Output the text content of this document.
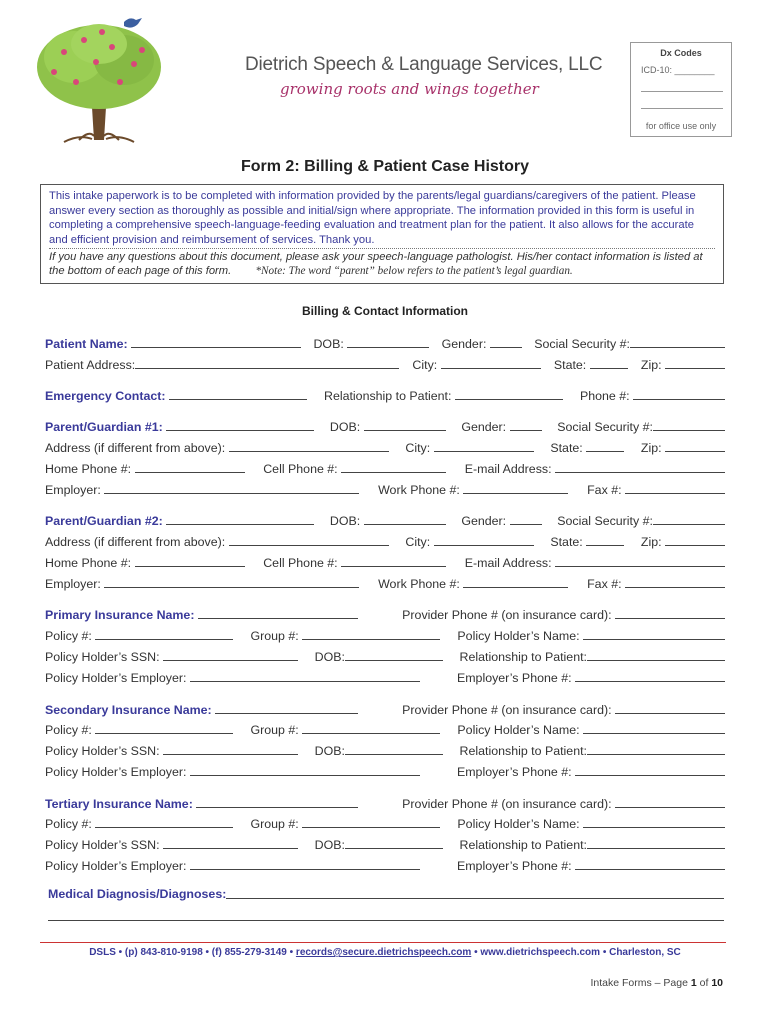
Dietrich Speech & Language Services, LLC
growing roots and wings together
Dx Codes
ICD-10: ________
for office use only
Form 2: Billing & Patient Case History
This intake paperwork is to be completed with information provided by the parents/legal guardians/caregivers of the patient. Please answer every section as thoroughly as possible and initial/sign where appropriate. The information provided in this form is useful in completing a comprehensive speech-language-feeding evaluation and treatment plan for the patient. It also allows for the accurate and efficient provision and reimbursement of services. Thank you.
If you have any questions about this document, please ask your speech-language pathologist. His/her contact information is listed at the bottom of each page of this form. *Note: The word “parent” below refers to the patient’s legal guardian.
Billing & Contact Information
Patient Name:	DOB:	Gender:	Social Security #:
Patient Address:	City:	State:	Zip:
Emergency Contact:	Relationship to Patient:	Phone #:
Parent/Guardian #1:	DOB:	Gender:	Social Security #:
Address (if different from above):	City:	State:	Zip:
Home Phone #:	Cell Phone #:	E-mail Address:
Employer:	Work Phone #:	Fax #:
Parent/Guardian #2:	DOB:	Gender:	Social Security #:
Address (if different from above):	City:	State:	Zip:
Home Phone #:	Cell Phone #:	E-mail Address:
Employer:	Work Phone #:	Fax #:
Primary Insurance Name:	Provider Phone # (on insurance card):
Policy #:	Group #:	Policy Holder’s Name:
Policy Holder’s SSN:	DOB:	Relationship to Patient:
Policy Holder’s Employer:	Employer’s Phone #:
Secondary Insurance Name:	Provider Phone # (on insurance card):
Policy #:	Group #:	Policy Holder’s Name:
Policy Holder’s SSN:	DOB:	Relationship to Patient:
Policy Holder’s Employer:	Employer’s Phone #:
Tertiary Insurance Name:	Provider Phone # (on insurance card):
Policy #:	Group #:	Policy Holder’s Name:
Policy Holder’s SSN:	DOB:	Relationship to Patient:
Policy Holder’s Employer:	Employer’s Phone #:
Medical Diagnosis/Diagnoses:
DSLS • (p) 843-810-9198 • (f) 855-279-3149 • records@secure.dietrichspeech.com • www.dietrichspeech.com • Charleston, SC
Intake Forms – Page 1 of 10
